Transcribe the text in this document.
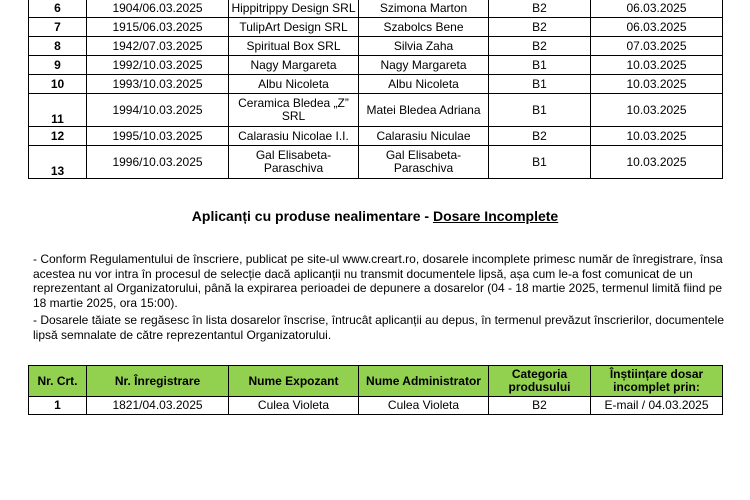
6	1904/06.03.2025	Hippitrippy Design SRL	Szimona Marton	B2	06.03.2025
7	1915/06.03.2025	TulipArt Design SRL	Szabolcs Bene	B2	06.03.2025
8	1942/07.03.2025	Spiritual Box SRL	Silvia Zaha	B2	07.03.2025
9	1992/10.03.2025	Nagy Margareta	Nagy Margareta	B1	10.03.2025
10	1993/10.03.2025	Albu Nicoleta	Albu Nicoleta	B1	10.03.2025
11	1994/10.03.2025	Ceramica Bledea „Z” SRL	Matei Bledea Adriana	B1	10.03.2025
12	1995/10.03.2025	Calarasiu Nicolae I.I.	Calarasiu Niculae	B2	10.03.2025
13	1996/10.03.2025	Gal Elisabeta-Paraschiva	Gal Elisabeta-Paraschiva	B1	10.03.2025
Aplicanți cu produse nealimentare - Dosare Incomplete
- Conform Regulamentului de înscriere, publicat pe site-ul www.creart.ro, dosarele incomplete primesc număr de înregistrare, însa acestea nu vor intra în procesul de selecție dacă aplicanții nu transmit documentele lipsă, așa cum le-a fost comunicat de un reprezentant al Organizatorului, până la expirarea perioadei de depunere a dosarelor (04 - 18 martie 2025, termenul limită fiind pe 18 martie 2025, ora 15:00).
- Dosarele tăiate se regăsesc în lista dosarelor înscrise, întrucât aplicanții au depus, în termenul prevăzut înscrierilor, documentele lipsă semnalate de către reprezentantul Organizatorului.
Nr. Crt.	Nr. Înregistrare	Nume Expozant	Nume Administrator	Categoria produsului	Înștiințare dosar incomplet prin:
1	1821/04.03.2025	Culea Violeta	Culea Violeta	B2	E-mail / 04.03.2025
